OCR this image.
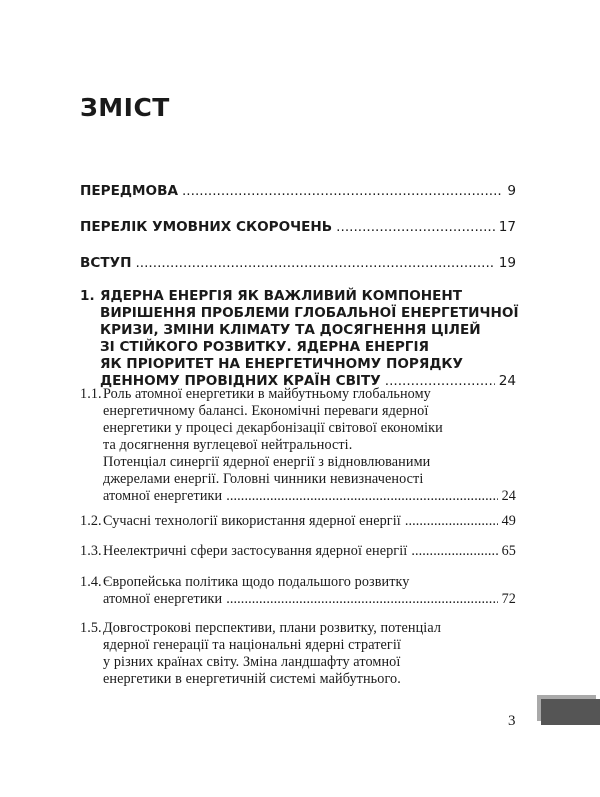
ЗМІСТ
ПЕРЕДМОВА .....	9
ПЕРЕЛІК УМОВНИХ СКОРОЧЕНЬ .....	17
ВСТУП .....	19
1. ЯДЕРНА ЕНЕРГІЯ ЯК ВАЖЛИВИЙ КОМПОНЕНТ
ВИРІШЕННЯ ПРОБЛЕМИ ГЛОБАЛЬНОЇ ЕНЕРГЕТИЧНОЇ
КРИЗИ, ЗМІНИ КЛІМАТУ ТА ДОСЯГНЕННЯ ЦІЛЕЙ
ЗІ СТІЙКОГО РОЗВИТКУ. ЯДЕРНА ЕНЕРГІЯ
ЯК ПРІОРИТЕТ НА ЕНЕРГЕТИЧНОМУ ПОРЯДКУ
ДЕННОМУ ПРОВІДНИХ КРАЇН СВІТУ .....	24
1.1. Роль атомної енергетики в майбутньому глобальному
енергетичному балансі. Економічні переваги ядерної
енергетики у процесі декарбонізації світової економіки
та досягнення вуглецевої нейтральності.
Потенціал синергії ядерної енергії з відновлюваними
джерелами енергії. Головні чинники невизначеності
атомної енергетики .....	24
1.2. Сучасні технології використання ядерної енергії .....	49
1.3. Неелектричні сфери застосування ядерної енергії .....	65
1.4. Європейська політика щодо подальшого розвитку
атомної енергетики .....	72
1.5. Довгострокові перспективи, плани розвитку, потенціал
ядерної генерації та національні ядерні стратегії
у різних країнах світу. Зміна ландшафту атомної
енергетики в енергетичній системі майбутнього.
3
